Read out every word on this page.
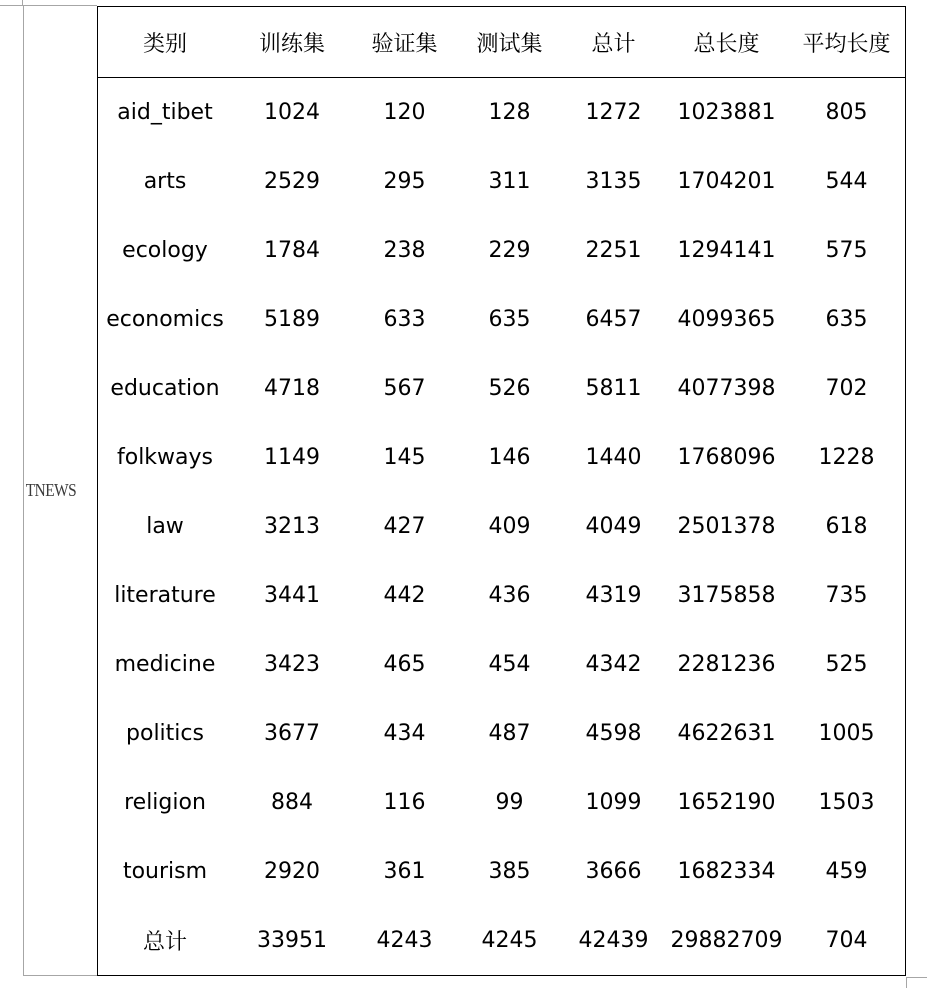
TNEWS
类别	训练集	验证集	测试集	总计	总长度	平均长度
aid_tibet	1024	120	128	1272	1023881	805
arts	2529	295	311	3135	1704201	544
ecology	1784	238	229	2251	1294141	575
economics	5189	633	635	6457	4099365	635
education	4718	567	526	5811	4077398	702
folkways	1149	145	146	1440	1768096	1228
law	3213	427	409	4049	2501378	618
literature	3441	442	436	4319	3175858	735
medicine	3423	465	454	4342	2281236	525
politics	3677	434	487	4598	4622631	1005
religion	884	116	99	1099	1652190	1503
tourism	2920	361	385	3666	1682334	459
总计	33951	4243	4245	42439	29882709	704
